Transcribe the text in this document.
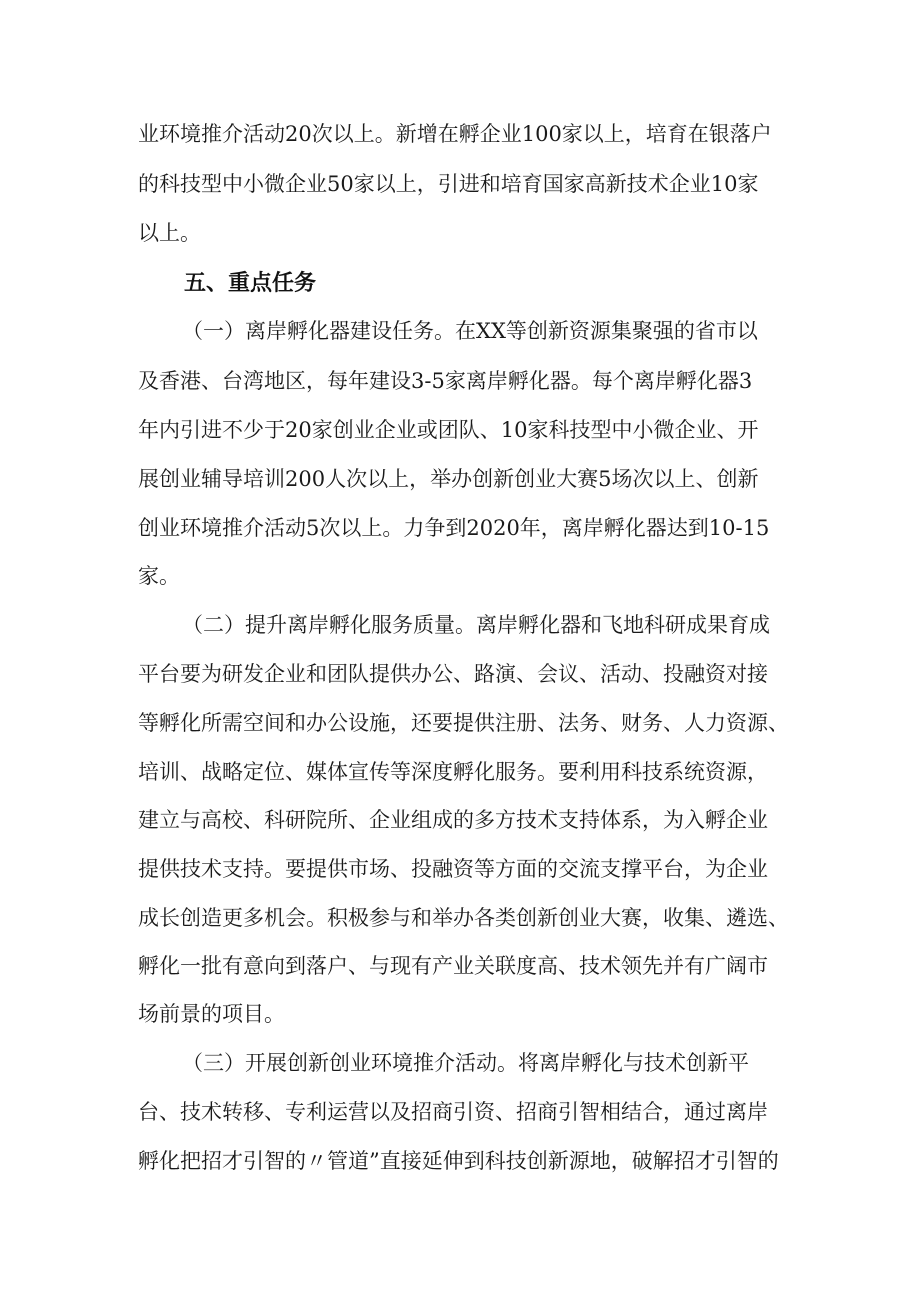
业环境推介活动20次以上。新增在孵企业100家以上，培育在银落户
的科技型中小微企业50家以上，引进和培育国家高新技术企业10家
以上。
五、重点任务
（一）离岸孵化器建设任务。在XX等创新资源集聚强的省市以
及香港、台湾地区，每年建设3-5家离岸孵化器。每个离岸孵化器3
年内引进不少于20家创业企业或团队、10家科技型中小微企业、开
展创业辅导培训200人次以上，举办创新创业大赛5场次以上、创新
创业环境推介活动5次以上。力争到2020年，离岸孵化器达到10-15
家。
（二）提升离岸孵化服务质量。离岸孵化器和飞地科研成果育成
平台要为研发企业和团队提供办公、路演、会议、活动、投融资对接
等孵化所需空间和办公设施，还要提供注册、法务、财务、人力资源、
培训、战略定位、媒体宣传等深度孵化服务。要利用科技系统资源，
建立与高校、科研院所、企业组成的多方技术支持体系，为入孵企业
提供技术支持。要提供市场、投融资等方面的交流支撑平台，为企业
成长创造更多机会。积极参与和举办各类创新创业大赛，收集、遴选、
孵化一批有意向到落户、与现有产业关联度高、技术领先并有广阔市
场前景的项目。
（三）开展创新创业环境推介活动。将离岸孵化与技术创新平
台、技术转移、专利运营以及招商引资、招商引智相结合，通过离岸
孵化把招才引智的〃管道”直接延伸到科技创新源地，破解招才引智的
